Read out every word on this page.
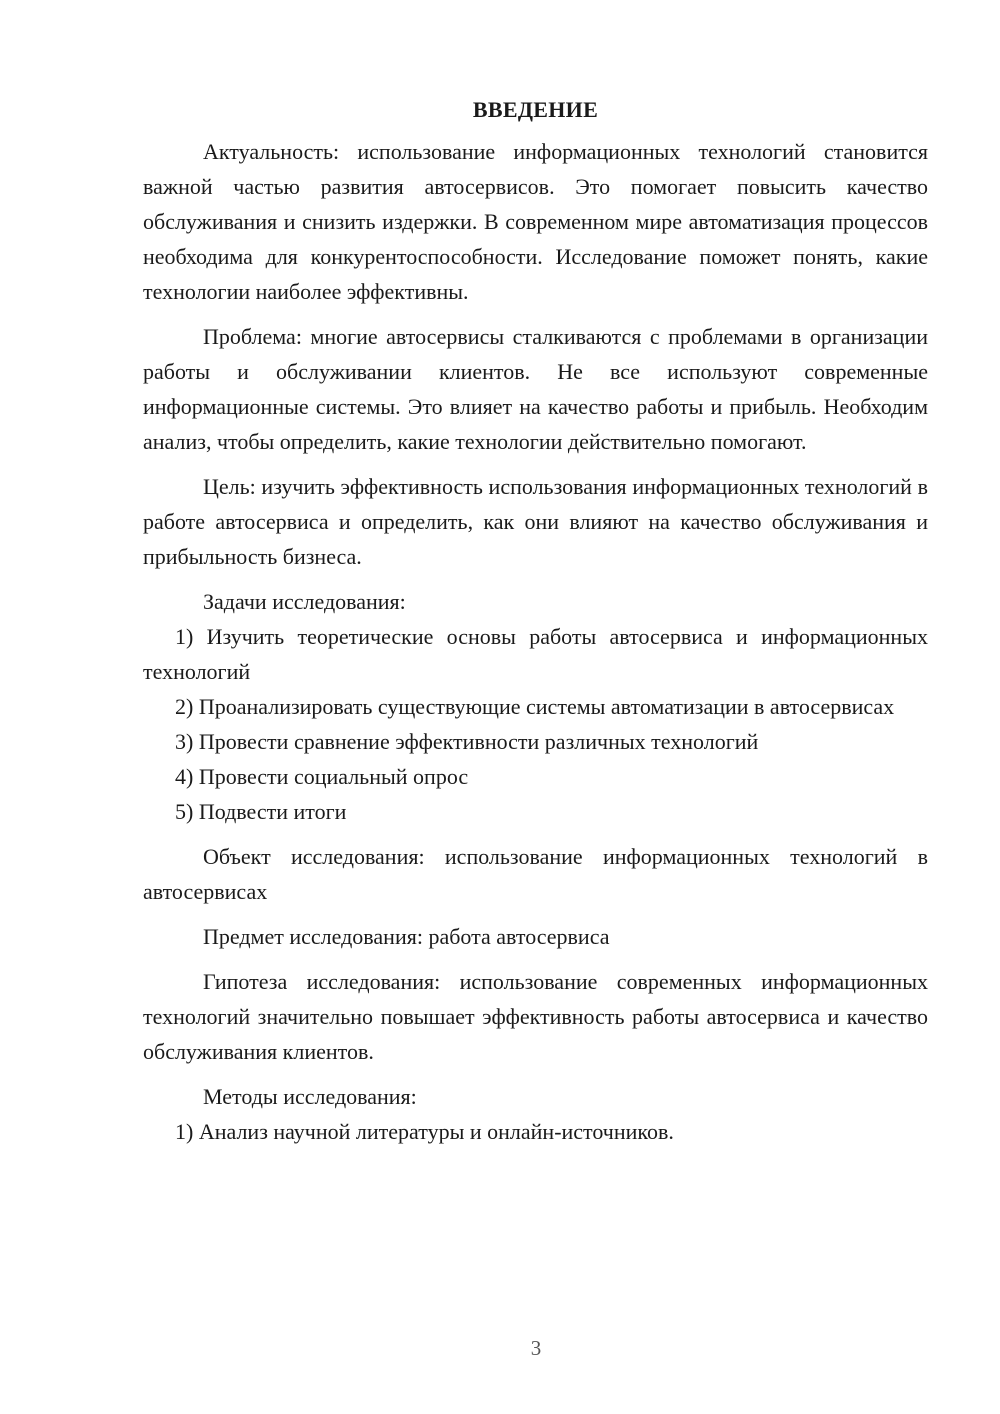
ВВЕДЕНИЕ

Актуальность: использование информационных технологий становится важной частью развития автосервисов. Это помогает повысить качество обслуживания и снизить издержки. В современном мире автоматизация процессов необходима для конкурентоспособности. Исследование поможет понять, какие технологии наиболее эффективны.

Проблема: многие автосервисы сталкиваются с проблемами в организации работы и обслуживании клиентов. Не все используют современные информационные системы. Это влияет на качество работы и прибыль. Необходим анализ, чтобы определить, какие технологии действительно помогают.

Цель: изучить эффективность использования информационных технологий в работе автосервиса и определить, как они влияют на качество обслуживания и прибыльность бизнеса.

Задачи исследования:

1) Изучить теоретические основы работы автосервиса и информационных технологий

2) Проанализировать существующие системы автоматизации в автосервисах

3) Провести сравнение эффективности различных технологий

4) Провести социальный опрос

5) Подвести итоги

Объект исследования: использование информационных технологий в автосервисах

Предмет исследования: работа автосервиса

Гипотеза исследования: использование современных информационных технологий значительно повышает эффективность работы автосервиса и качество обслуживания клиентов.

Методы исследования:

1) Анализ научной литературы и онлайн-источников.

3
